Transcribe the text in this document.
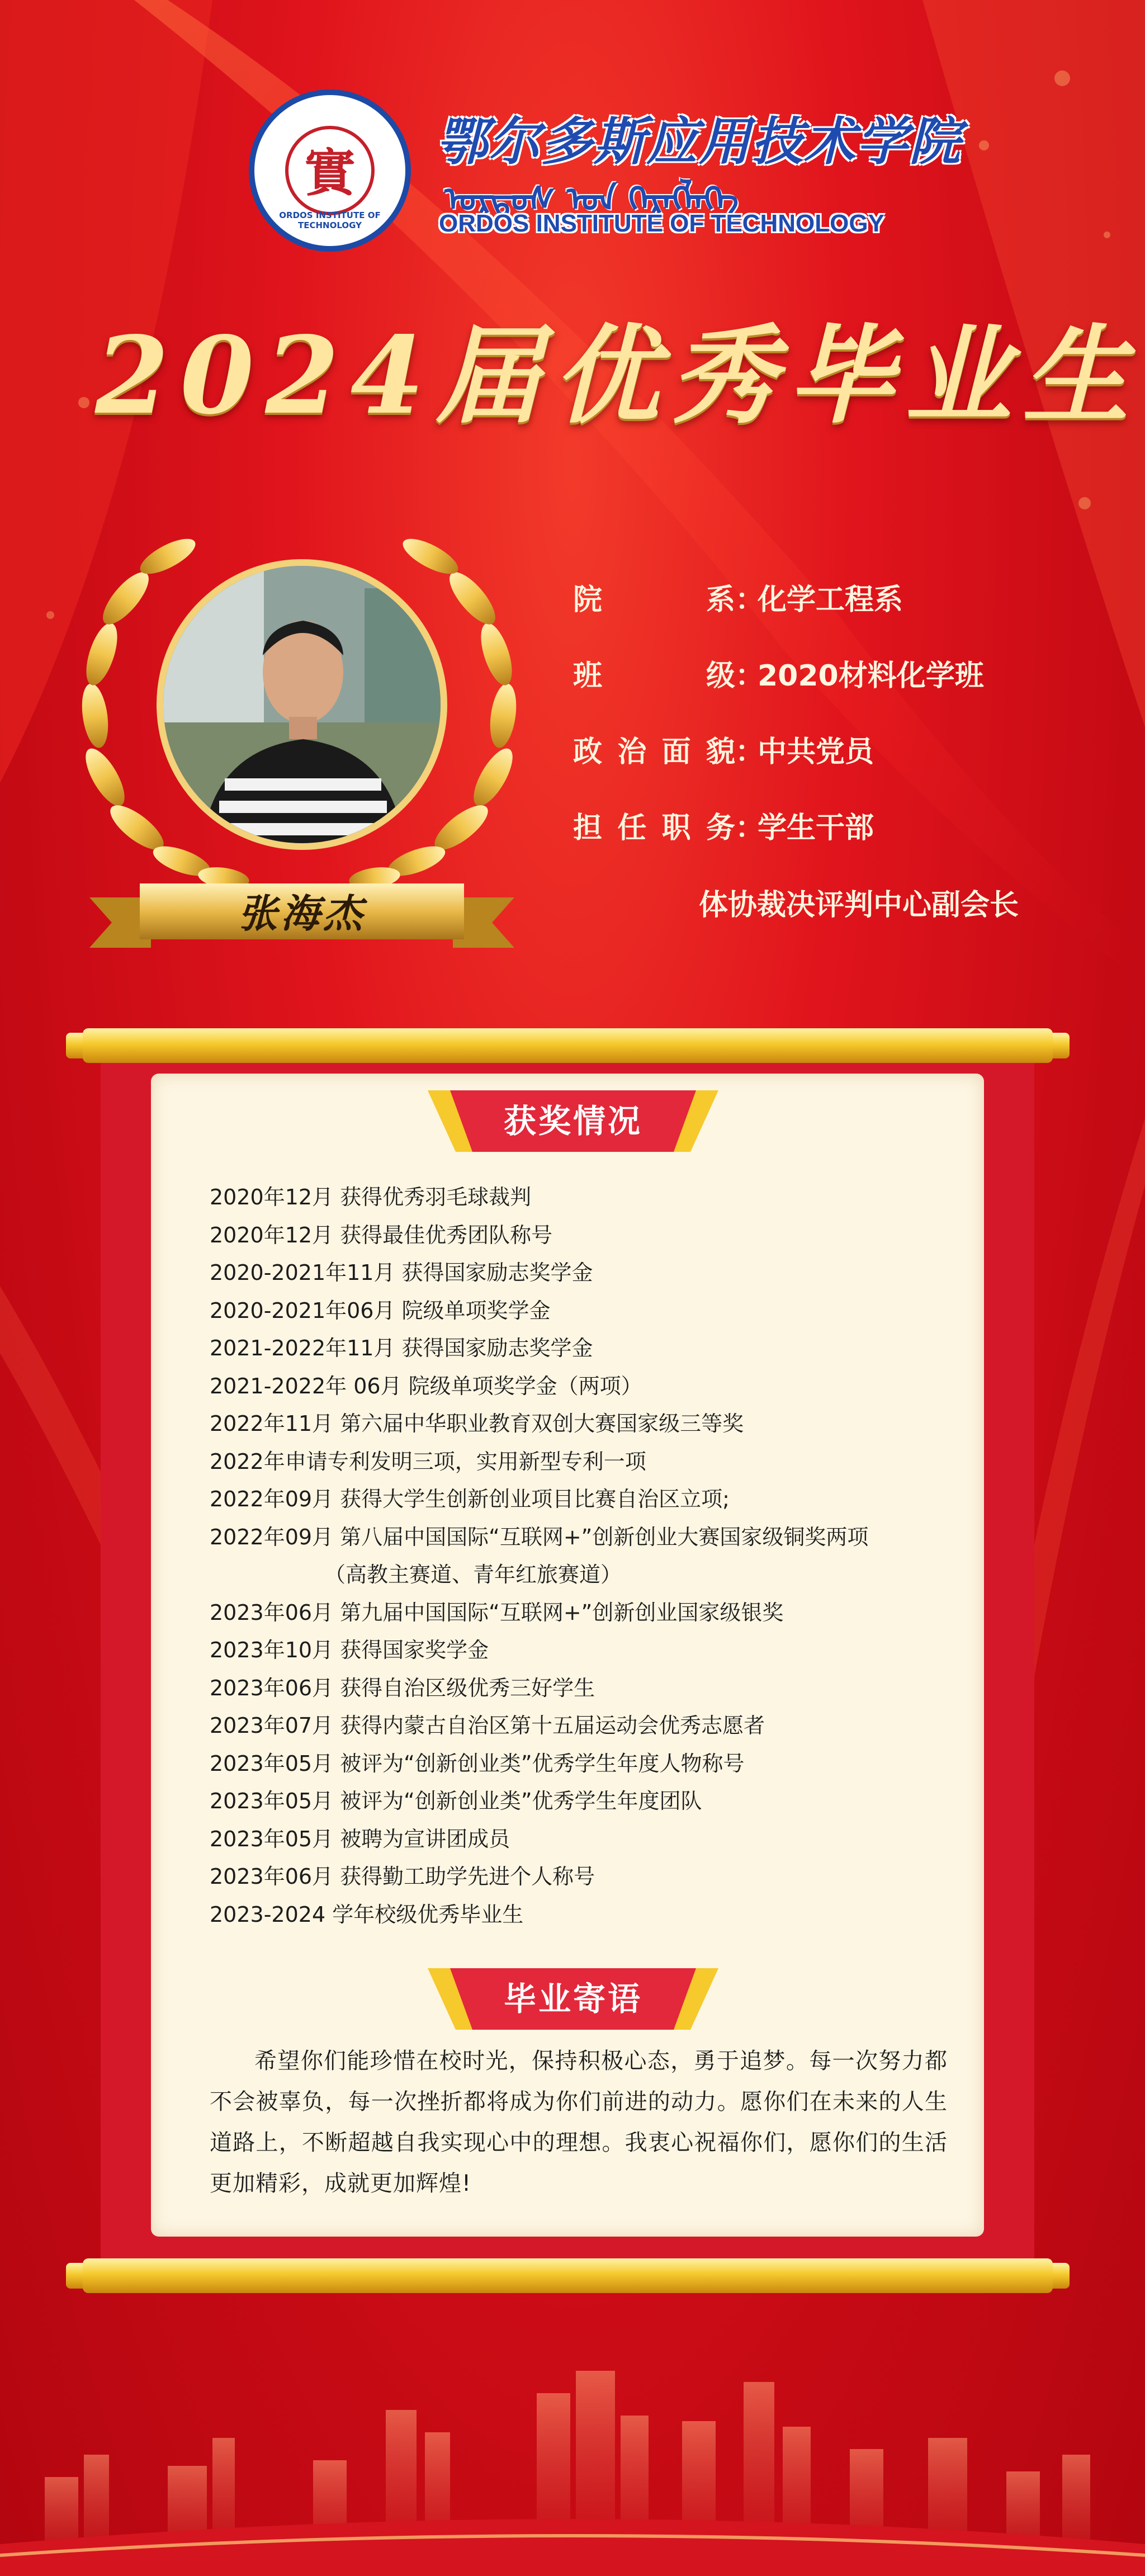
實
ORDOS INSTITUTE OF TECHNOLOGY
鄂尔多斯应用技术学院
ᠣᠷᠳᠣᠰ ᠤᠨ ᠬᠡᠷᠡᠭᠯᠡᠭᠡ
ORDOS INSTITUTE OF TECHNOLOGY
2024届优秀毕业生
张海杰
院　　系：化学工程系
班　　级：2020材料化学班
政治面貌：中共党员
担任职务：学生干部
体协裁决评判中心副会长
获奖情况
2020年12月 获得优秀羽毛球裁判
2020年12月 获得最佳优秀团队称号
2020-2021年11月 获得国家励志奖学金
2020-2021年06月 院级单项奖学金
2021-2022年11月 获得国家励志奖学金
2021-2022年 06月 院级单项奖学金（两项）
2022年11月 第六届中华职业教育双创大赛国家级三等奖
2022年申请专利发明三项，实用新型专利一项
2022年09月 获得大学生创新创业项目比赛自治区立项;
2022年09月 第八届中国国际“互联网+”创新创业大赛国家级铜奖两项
（高教主赛道、青年红旅赛道）
2023年06月 第九届中国国际“互联网+”创新创业国家级银奖
2023年10月 获得国家奖学金
2023年06月 获得自治区级优秀三好学生
2023年07月 获得内蒙古自治区第十五届运动会优秀志愿者
2023年05月 被评为“创新创业类”优秀学生年度人物称号
2023年05月 被评为“创新创业类”优秀学生年度团队
2023年05月 被聘为宣讲团成员
2023年06月 获得勤工助学先进个人称号
2023-2024 学年校级优秀毕业生
毕业寄语

希望你们能珍惜在校时光，保持积极心态，勇于追梦。每一次努力都不会被辜负，每一次挫折都将成为你们前进的动力。愿你们在未来的人生道路上，不断超越自我实现心中的理想。我衷心祝福你们，愿你们的生活更加精彩，成就更加辉煌!
